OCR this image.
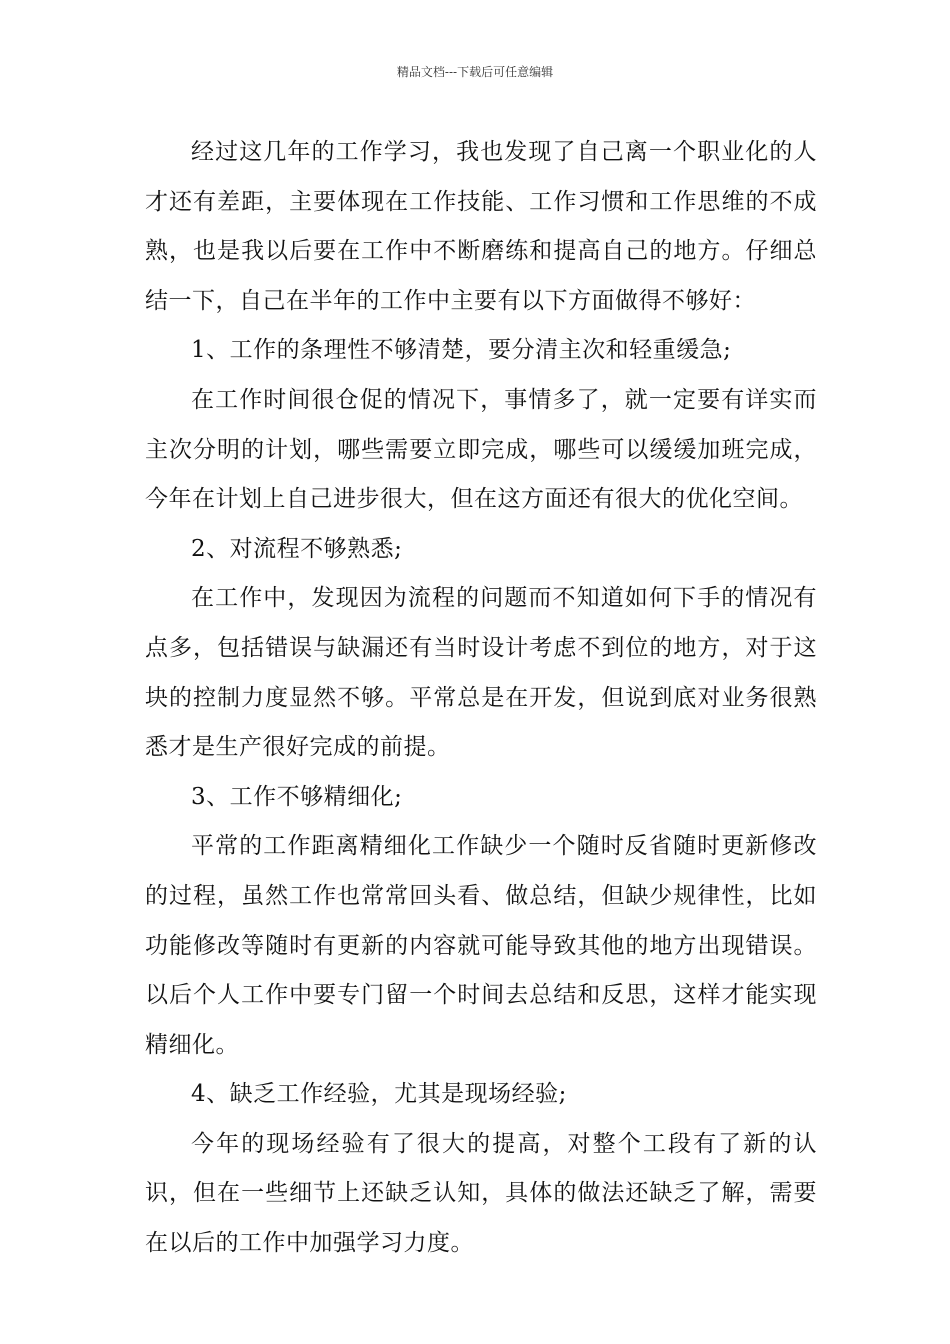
精品文档---下载后可任意编辑

经过这几年的工作学习，我也发现了自己离一个职业化的人才还有差距，主要体现在工作技能、工作习惯和工作思维的不成熟，也是我以后要在工作中不断磨练和提高自己的地方。仔细总结一下，自己在半年的工作中主要有以下方面做得不够好：

1、工作的条理性不够清楚，要分清主次和轻重缓急;

在工作时间很仓促的情况下，事情多了，就一定要有详实而主次分明的计划，哪些需要立即完成，哪些可以缓缓加班完成，今年在计划上自己进步很大，但在这方面还有很大的优化空间。

2、对流程不够熟悉;

在工作中，发现因为流程的问题而不知道如何下手的情况有点多，包括错误与缺漏还有当时设计考虑不到位的地方，对于这块的控制力度显然不够。平常总是在开发，但说到底对业务很熟悉才是生产很好完成的前提。

3、工作不够精细化;

平常的工作距离精细化工作缺少一个随时反省随时更新修改的过程，虽然工作也常常回头看、做总结，但缺少规律性，比如功能修改等随时有更新的内容就可能导致其他的地方出现错误。以后个人工作中要专门留一个时间去总结和反思，这样才能实现精细化。

4、缺乏工作经验，尤其是现场经验;

今年的现场经验有了很大的提高，对整个工段有了新的认识，但在一些细节上还缺乏认知，具体的做法还缺乏了解，需要在以后的工作中加强学习力度。
